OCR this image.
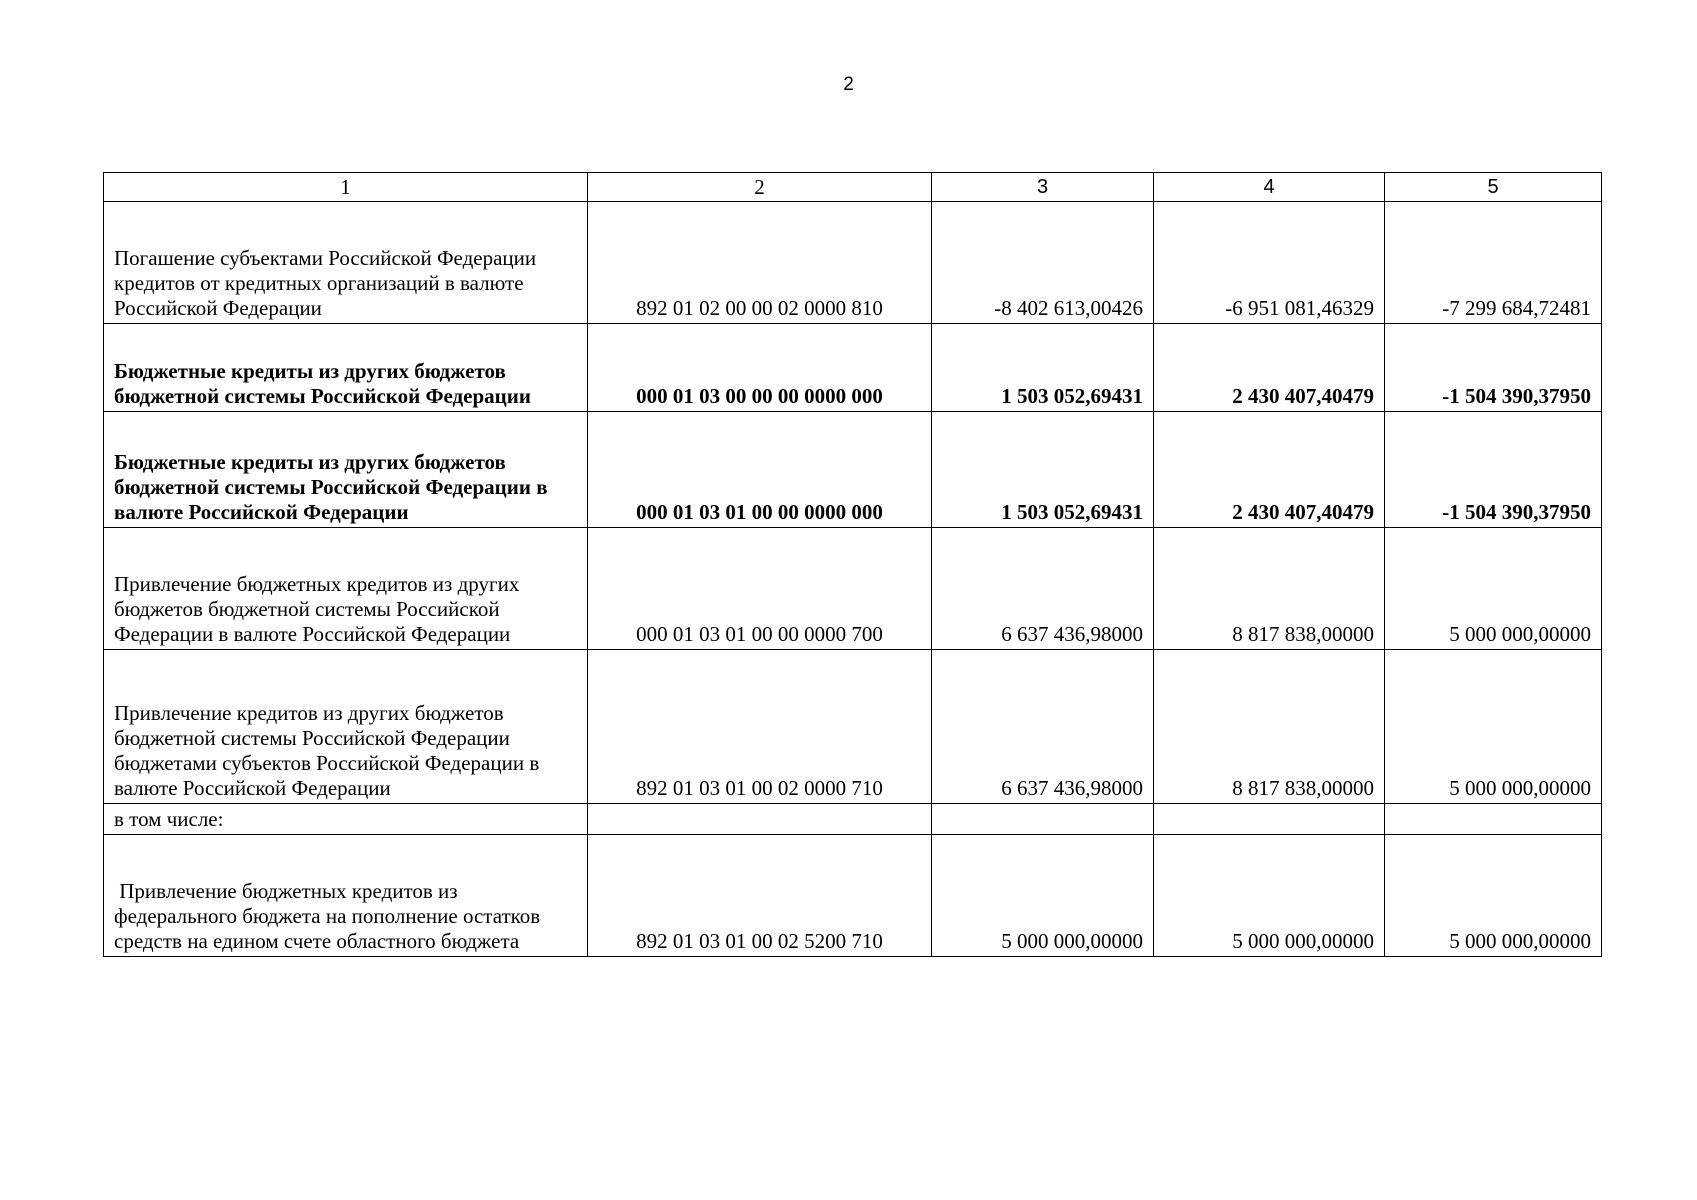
2
1	2	3	4	5
Погашение субъектами Российской Федерации кредитов от кредитных организаций в валюте Российской Федерации	892 01 02 00 00 02 0000 810	-8 402 613,00426	-6 951 081,46329	-7 299 684,72481
Бюджетные кредиты из других бюджетов бюджетной системы Российской Федерации	000 01 03 00 00 00 0000 000	1 503 052,69431	2 430 407,40479	-1 504 390,37950
Бюджетные кредиты из других бюджетов бюджетной системы Российской Федерации в валюте Российской Федерации	000 01 03 01 00 00 0000 000	1 503 052,69431	2 430 407,40479	-1 504 390,37950
Привлечение бюджетных кредитов из других бюджетов бюджетной системы Российской Федерации в валюте Российской Федерации	000 01 03 01 00 00 0000 700	6 637 436,98000	8 817 838,00000	5 000 000,00000
Привлечение кредитов из других бюджетов бюджетной системы Российской Федерации бюджетами субъектов Российской Федерации в валюте Российской Федерации	892 01 03 01 00 02 0000 710	6 637 436,98000	8 817 838,00000	5 000 000,00000
в том числе:				
Привлечение бюджетных кредитов из федерального бюджета на пополнение остатков средств на едином счете областного бюджета	892 01 03 01 00 02 5200 710	5 000 000,00000	5 000 000,00000	5 000 000,00000
